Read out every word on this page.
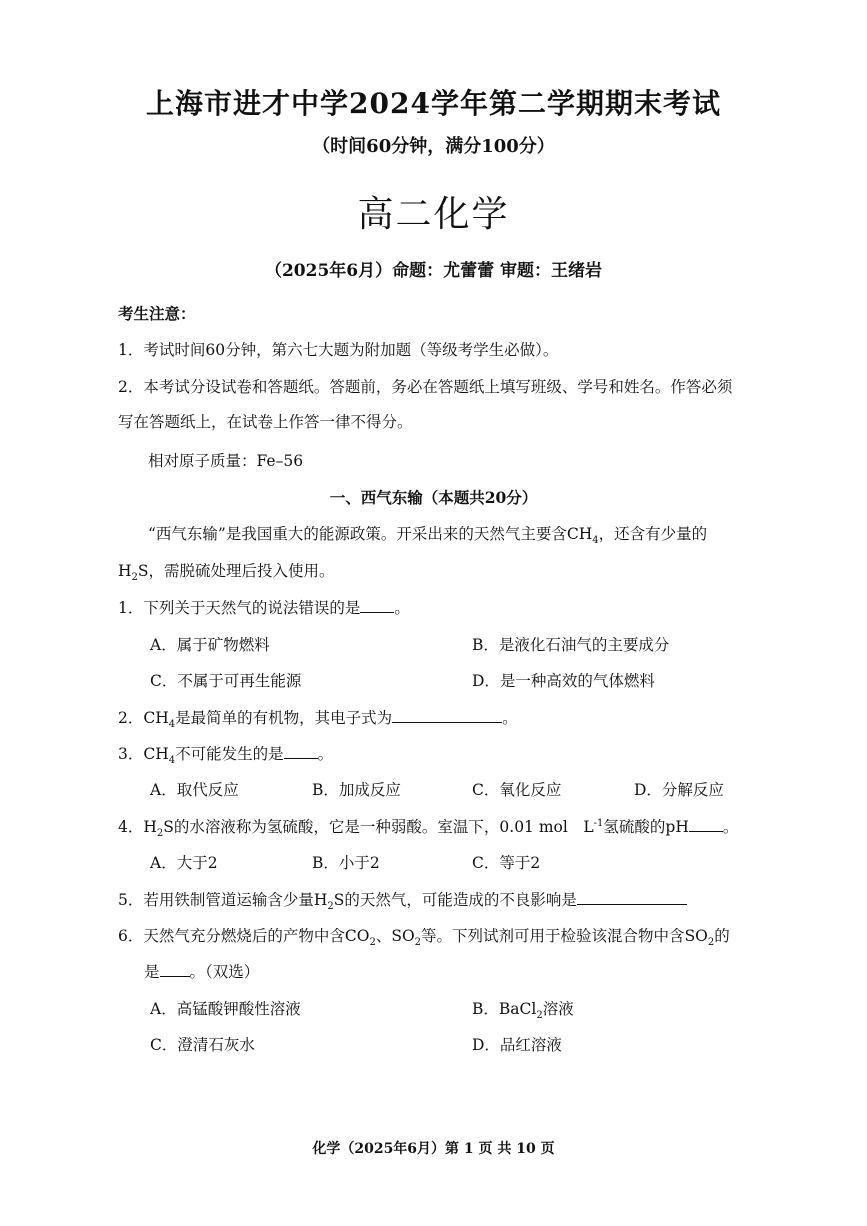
上海市进才中学2024学年第二学期期末考试
（时间60分钟，满分100分）
高二化学
（2025年6月）命题：尤蕾蕾 审题：王绪岩
考生注意：
1．考试时间60分钟，第六七大题为附加题（等级考学生必做）。
2．本考试分设试卷和答题纸。答题前，务必在答题纸上填写班级、学号和姓名。作答必须
写在答题纸上，在试卷上作答一律不得分。
相对原子质量：Fe–56
一、西气东输（本题共20分）
“西气东输”是我国重大的能源政策。开采出来的天然气主要含$CH_4$，还含有少量的
$H_2S$，需脱硫处理后投入使用。
1．下列关于天然气的说法错误的是 。
A．属于矿物燃料	B．是液化石油气的主要成分
C．不属于可再生能源	D．是一种高效的气体燃料
2．$CH_4$是最简单的有机物，其电子式为	。
3．$CH_4$不可能发生的是 。
A．取代反应	B．加成反应	C．氧化反应	D．分解反应
4．$H_2S$的水溶液称为氢硫酸，它是一种弱酸。室温下，0.01 mol　$L^{-1}$氢硫酸的pH 。
A．大于2	B．小于2	C．等于2
5．若用铁制管道运输含少量$H_2S$的天然气，可能造成的不良影响是
6．天然气充分燃烧后的产物中含$CO_2$、$SO_2$等。下列试剂可用于检验该混合物中含$SO_2$的
是 。（双选）
A．高锰酸钾酸性溶液	B．BaCl$_2$溶液
C．澄清石灰水	D．品红溶液
化学（2025年6月）第 1 页 共 10 页
